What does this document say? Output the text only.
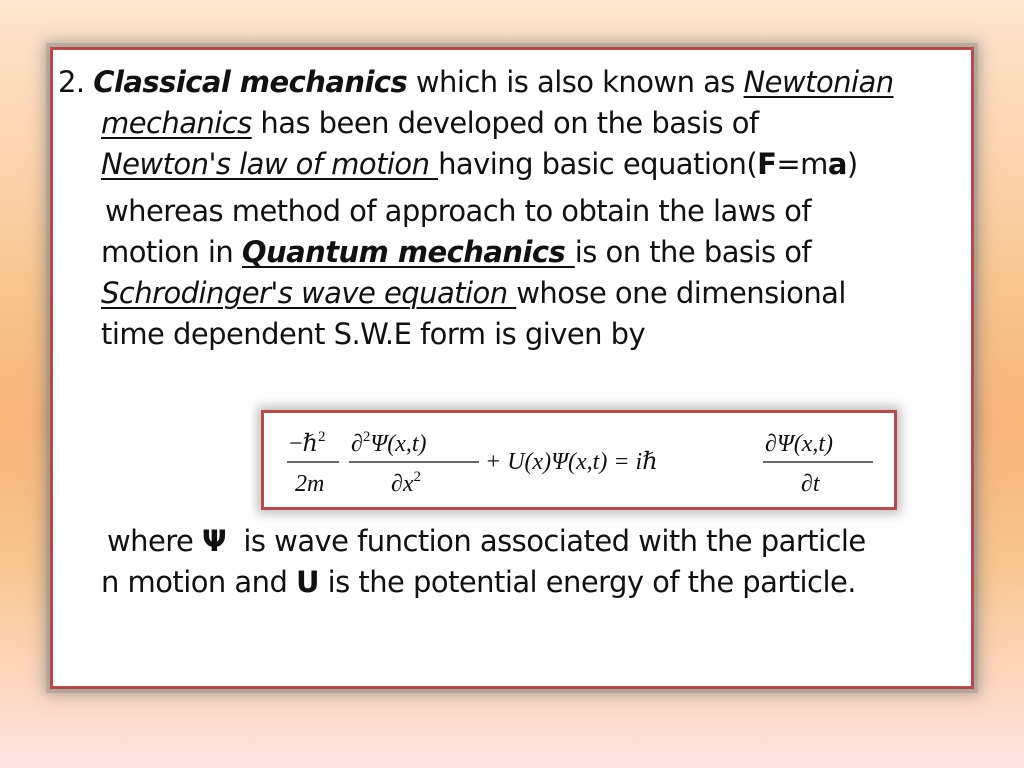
2. Classical mechanics which is also known as Newtonian
mechanics has been developed on the basis of
Newton's law of motion having basic equation(F=ma)
whereas method of approach to obtain the laws of
motion in Quantum mechanics is on the basis of
Schrodinger's wave equation whose one dimensional
time dependent S.W.E form is given by
−ℏ$^2$
2m
∂$^2$Ψ(x,t)
$\partial x^2$
+ U(x)Ψ(x,t) = iℏ
∂Ψ(x,t)
∂t
where Ψ  is wave function associated with the particle
n motion and U is the potential energy of the particle.
